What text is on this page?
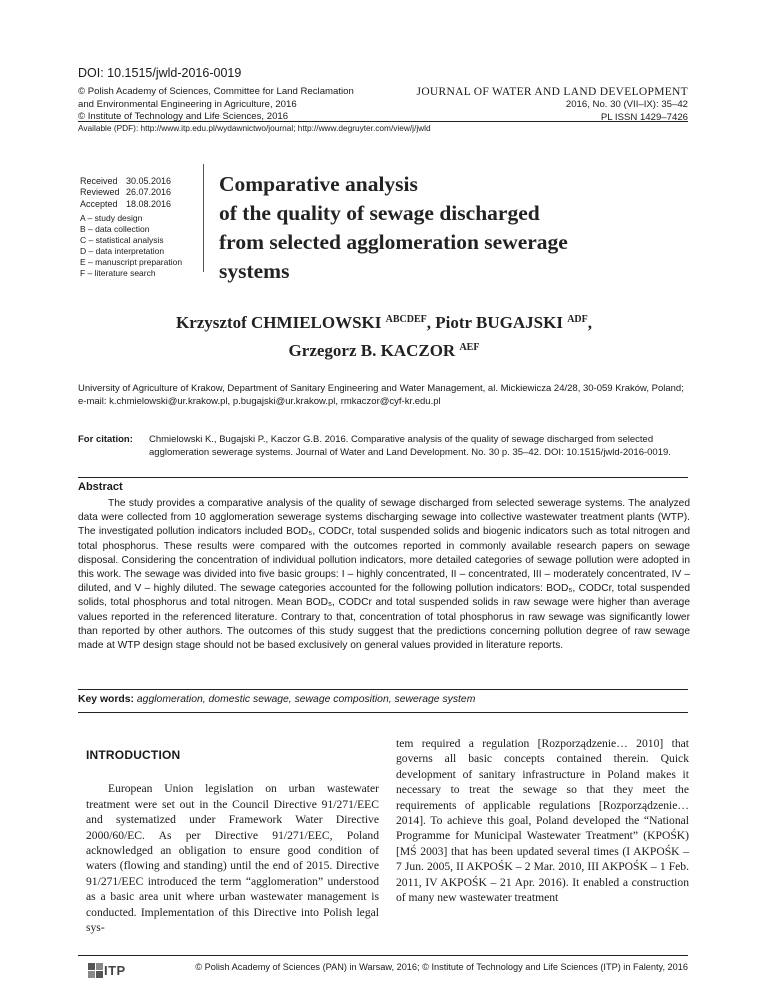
DOI: 10.1515/jwld-2016-0019
© Polish Academy of Sciences, Committee for Land Reclamation
and Environmental Engineering in Agriculture, 2016
© Institute of Technology and Life Sciences, 2016
JOURNAL OF WATER AND LAND DEVELOPMENT
2016, No. 30 (VII–IX): 35–42
PL ISSN 1429–7426
Available (PDF): http://www.itp.edu.pl/wydawnictwo/journal; http://www.degruyter.com/view/j/jwld
Received 30.05.2016
Reviewed 26.07.2016
Accepted 18.08.2016
A – study design
B – data collection
C – statistical analysis
D – data interpretation
E – manuscript preparation
F – literature search
Comparative analysis
of the quality of sewage discharged
from selected agglomeration sewerage
systems
Krzysztof CHMIELOWSKI $^{ABCDEF}$, Piotr BUGAJSKI $^{ADF}$,
Grzegorz B. KACZOR $^{AEF}$
University of Agriculture of Krakow, Department of Sanitary Engineering and Water Management, al. Mickiewicza 24/28, 30-059 Kraków, Poland; e-mail: k.chmielowski@ur.krakow.pl, p.bugajski@ur.krakow.pl, rmkaczor@cyf-kr.edu.pl
For citation: Chmielowski K., Bugajski P., Kaczor G.B. 2016. Comparative analysis of the quality of sewage discharged from selected agglomeration sewerage systems. Journal of Water and Land Development. No. 30 p. 35–42. DOI: 10.1515/jwld-2016-0019.
Abstract
The study provides a comparative analysis of the quality of sewage discharged from selected sewerage systems. The analyzed data were collected from 10 agglomeration sewerage systems discharging sewage into collective wastewater treatment plants (WTP). The investigated pollution indicators included BOD₅, CODCr, total suspended solids and biogenic indicators such as total nitrogen and total phosphorus. These results were compared with the outcomes reported in commonly available research papers on sewage disposal. Considering the concentration of individual pollution indicators, more detailed categories of sewage pollution were adopted in this work. The sewage was divided into five basic groups: I – highly concentrated, II – concentrated, III – moderately concentrated, IV – diluted, and V – highly diluted. The sewage categories accounted for the following pollution indicators: BOD₅, CODCr, total suspended solids, total phosphorus and total nitrogen. Mean BOD₅, CODCr and total suspended solids in raw sewage were higher than average values reported in the referenced literature. Contrary to that, concentration of total phosphorus in raw sewage was significantly lower than reported by other authors. The outcomes of this study suggest that the predictions concerning pollution degree of raw sewage made at WTP design stage should not be based exclusively on general values provided in literature reports.
Key words: agglomeration, domestic sewage, sewage composition, sewerage system
INTRODUCTION
European Union legislation on urban wastewater treatment were set out in the Council Directive 91/271/EEC and systematized under Framework Water Directive 2000/60/EC. As per Directive 91/271/EEC, Poland acknowledged an obligation to ensure good condition of waters (flowing and standing) until the end of 2015. Directive 91/271/EEC introduced the term “agglomeration” understood as a basic area unit where urban wastewater management is conducted. Implementation of this Directive into Polish legal sys-
tem required a regulation [Rozporządzenie… 2010] that governs all basic concepts contained therein. Quick development of sanitary infrastructure in Poland makes it necessary to treat the sewage so that they meet the requirements of applicable regulations [Rozporządzenie… 2014]. To achieve this goal, Poland developed the “National Programme for Municipal Wastewater Treatment” (KPOŚK) [MŚ 2003] that has been updated several times (I AKPOŚK – 7 Jun. 2005, II AKPOŚK – 2 Mar. 2010, III AKPOŚK – 1 Feb. 2011, IV AKPOŚK – 21 Apr. 2016). It enabled a construction of many new wastewater treatment
ITP	© Polish Academy of Sciences (PAN) in Warsaw, 2016; © Institute of Technology and Life Sciences (ITP) in Falenty, 2016
